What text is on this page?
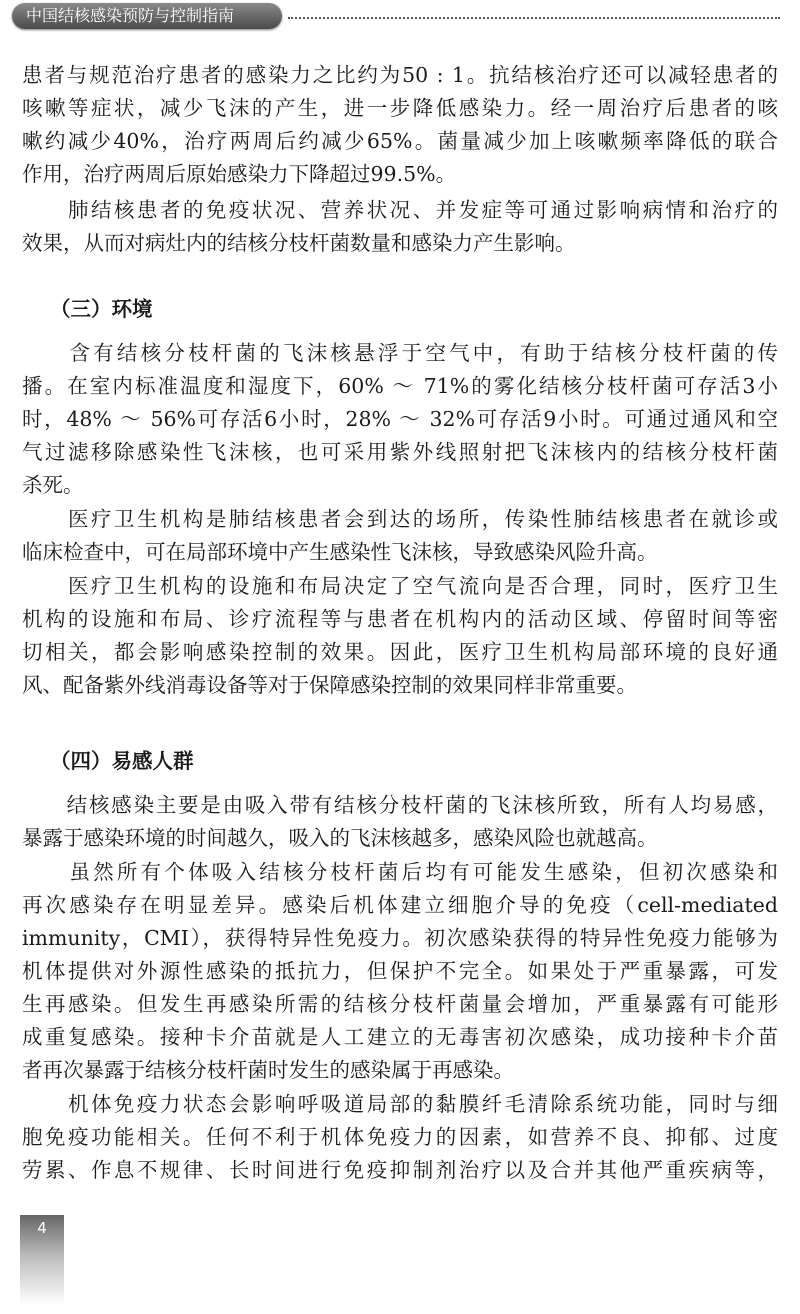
中国结核感染预防与控制指南
患者与规范治疗患者的感染力之比约为50 : 1。抗结核治疗还可以减轻患者的
咳嗽等症状，减少飞沫的产生，进一步降低感染力。经一周治疗后患者的咳
嗽约减少40%，治疗两周后约减少65%。菌量减少加上咳嗽频率降低的联合
作用，治疗两周后原始感染力下降超过99.5%。
　　肺结核患者的免疫状况、营养状况、并发症等可通过影响病情和治疗的
效果，从而对病灶内的结核分枝杆菌数量和感染力产生影响。
（三）环境
　　含有结核分枝杆菌的飞沫核悬浮于空气中，有助于结核分枝杆菌的传
播。在室内标准温度和湿度下，60% ～ 71%的雾化结核分枝杆菌可存活3小
时，48% ～ 56%可存活6小时，28% ～ 32%可存活9小时。可通过通风和空
气过滤移除感染性飞沫核，也可采用紫外线照射把飞沫核内的结核分枝杆菌
杀死。
　　医疗卫生机构是肺结核患者会到达的场所，传染性肺结核患者在就诊或
临床检查中，可在局部环境中产生感染性飞沫核，导致感染风险升高。
　　医疗卫生机构的设施和布局决定了空气流向是否合理，同时，医疗卫生
机构的设施和布局、诊疗流程等与患者在机构内的活动区域、停留时间等密
切相关，都会影响感染控制的效果。因此，医疗卫生机构局部环境的良好通
风、配备紫外线消毒设备等对于保障感染控制的效果同样非常重要。
（四）易感人群
　　结核感染主要是由吸入带有结核分枝杆菌的飞沫核所致，所有人均易感，
暴露于感染环境的时间越久，吸入的飞沫核越多，感染风险也就越高。
　　虽然所有个体吸入结核分枝杆菌后均有可能发生感染，但初次感染和
再次感染存在明显差异。感染后机体建立细胞介导的免疫（cell-mediated
immunity，CMI），获得特异性免疫力。初次感染获得的特异性免疫力能够为
机体提供对外源性感染的抵抗力，但保护不完全。如果处于严重暴露，可发
生再感染。但发生再感染所需的结核分枝杆菌量会增加，严重暴露有可能形
成重复感染。接种卡介苗就是人工建立的无毒害初次感染，成功接种卡介苗
者再次暴露于结核分枝杆菌时发生的感染属于再感染。
　　机体免疫力状态会影响呼吸道局部的黏膜纤毛清除系统功能，同时与细
胞免疫功能相关。任何不利于机体免疫力的因素，如营养不良、抑郁、过度
劳累、作息不规律、长时间进行免疫抑制剂治疗以及合并其他严重疾病等，
4
